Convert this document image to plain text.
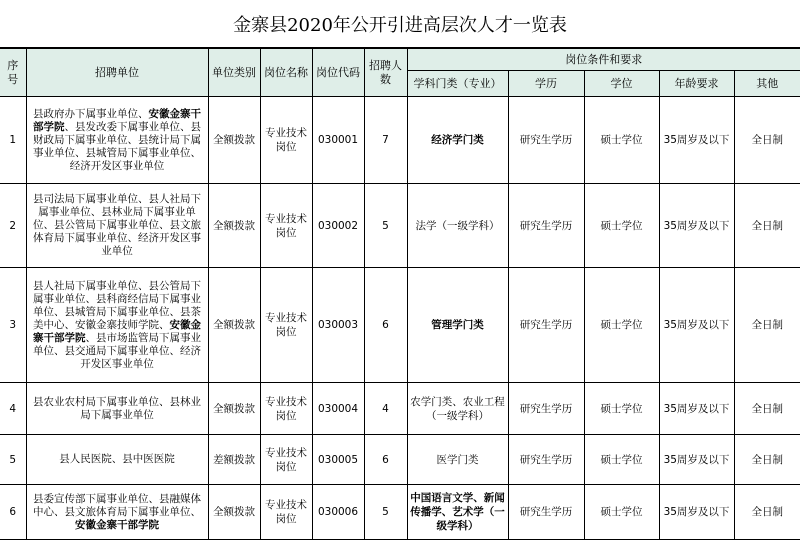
金寨县2020年公开引进高层次人才一览表
序号	招聘单位	单位类别	岗位名称	岗位代码	招聘人数	岗位条件和要求				
						学科门类（专业）	学历	学位	年龄要求	其他
1	县政府办下属事业单位、安徽金寨干部学院、县发改委下属事业单位、县财政局下属事业单位、县统计局下属事业单位、县城管局下属事业单位、经济开发区事业单位	全额拨款	专业技术岗位	030001	7	经济学门类	研究生学历	硕士学位	35周岁及以下	全日制
2	县司法局下属事业单位、县人社局下属事业单位、县林业局下属事业单位、县公管局下属事业单位、县文旅体育局下属事业单位、经济开发区事业单位	全额拨款	专业技术岗位	030002	5	法学（一级学科）	研究生学历	硕士学位	35周岁及以下	全日制
3	县人社局下属事业单位、县公管局下属事业单位、县科商经信局下属事业单位、县城管局下属事业单位、县茶美中心、安徽金寨技师学院、安徽金寨干部学院、县市场监管局下属事业单位、县交通局下属事业单位、经济开发区事业单位	全额拨款	专业技术岗位	030003	6	管理学门类	研究生学历	硕士学位	35周岁及以下	全日制
4	县农业农村局下属事业单位、县林业局下属事业单位	全额拨款	专业技术岗位	030004	4	农学门类、农业工程（一级学科）	研究生学历	硕士学位	35周岁及以下	全日制
5	县人民医院、县中医医院	差额拨款	专业技术岗位	030005	6	医学门类	研究生学历	硕士学位	35周岁及以下	全日制
6	县委宣传部下属事业单位、县融媒体中心、县文旅体育局下属事业单位、安徽金寨干部学院	全额拨款	专业技术岗位	030006	5	中国语言文学、新闻传播学、艺术学（一级学科）	研究生学历	硕士学位	35周岁及以下	全日制
